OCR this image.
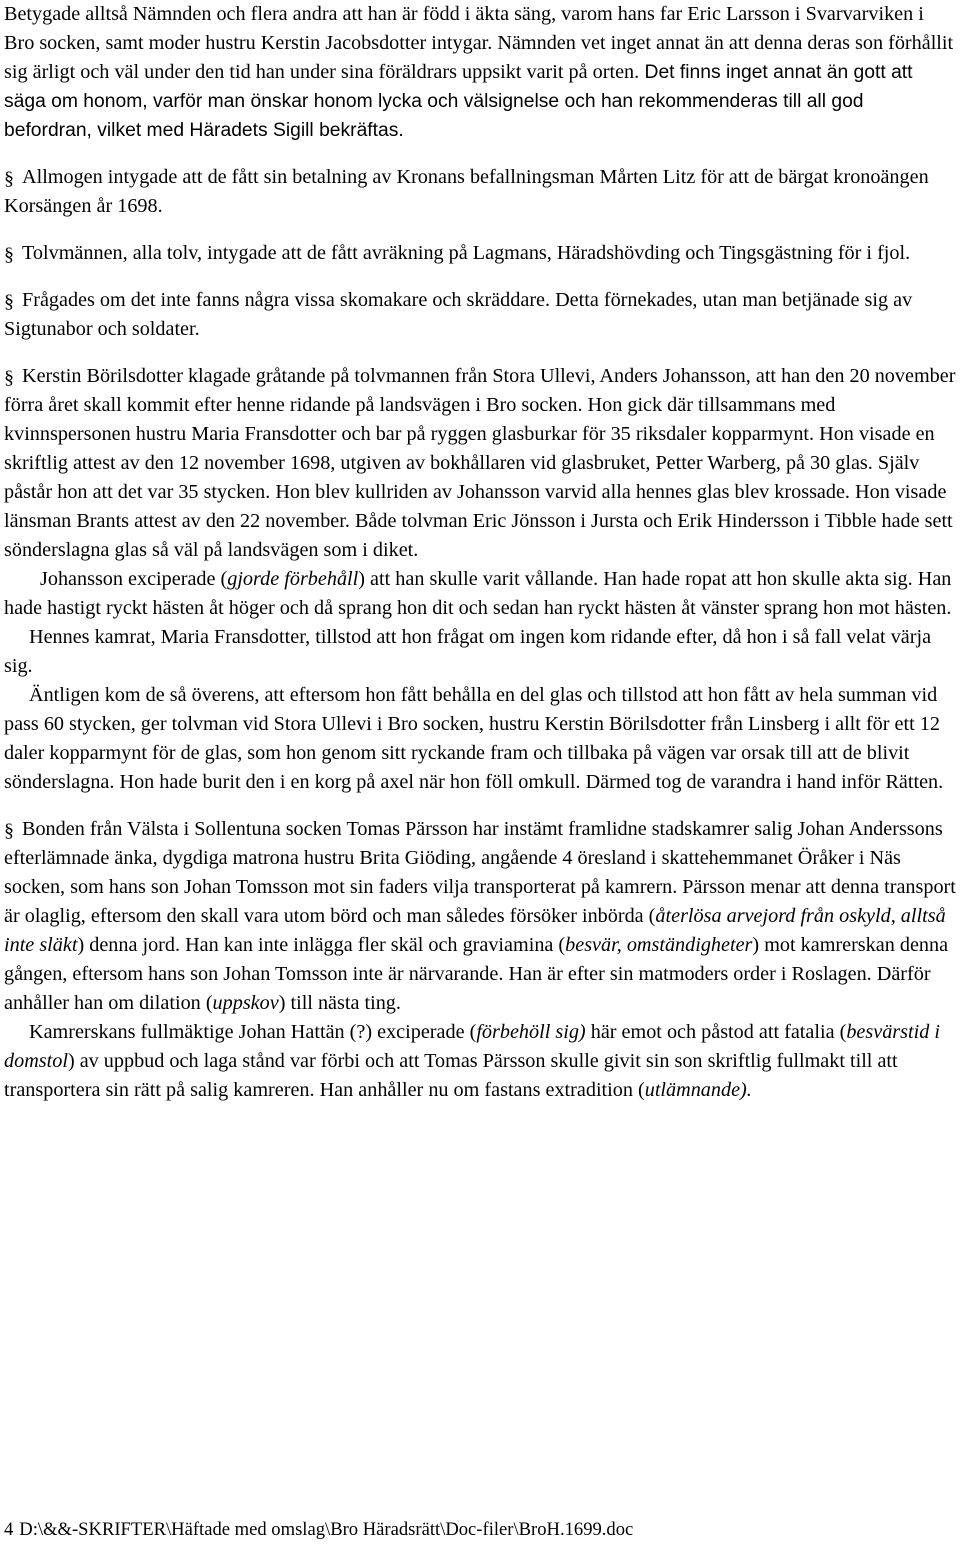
Betygade alltså Nämnden och flera andra att han är född i äkta säng, varom hans far Eric Larsson i Svarvarviken i Bro socken, samt moder hustru Kerstin Jacobsdotter intygar. Nämnden vet inget annat än att denna deras son förhållit sig ärligt och väl under den tid han under sina föräldrars uppsikt varit på orten. Det finns inget annat än gott att säga om honom, varför man önskar honom lycka och välsignelse och han rekommenderas till all god befordran, vilket med Häradets Sigill bekräftas.

§ Allmogen intygade att de fått sin betalning av Kronans befallningsman Mårten Litz för att de bärgat kronoängen Korsängen år 1698.

§ Tolvmännen, alla tolv, intygade att de fått avräkning på Lagmans, Häradshövding och Tingsgästning för i fjol.

§ Frågades om det inte fanns några vissa skomakare och skräddare. Detta förnekades, utan man betjänade sig av Sigtunabor och soldater.

§ Kerstin Börilsdotter klagade gråtande på tolvmannen från Stora Ullevi, Anders Johansson, att han den 20 november förra året skall kommit efter henne ridande på landsvägen i Bro socken. Hon gick där tillsammans med kvinnspersonen hustru Maria Fransdotter och bar på ryggen glasburkar för 35 riksdaler kopparmynt. Hon visade en skriftlig attest av den 12 november 1698, utgiven av bokhållaren vid glasbruket, Petter Warberg, på 30 glas. Själv påstår hon att det var 35 stycken. Hon blev kullriden av Johansson varvid alla hennes glas blev krossade. Hon visade länsman Brants attest av den 22 november. Både tolvman Eric Jönsson i Jursta och Erik Hindersson i Tibble hade sett sönderslagna glas så väl på landsvägen som i diket.

Johansson exciperade (gjorde förbehåll) att han skulle varit vållande. Han hade ropat att hon skulle akta sig. Han hade hastigt ryckt hästen åt höger och då sprang hon dit och sedan han ryckt hästen åt vänster sprang hon mot hästen.

Hennes kamrat, Maria Fransdotter, tillstod att hon frågat om ingen kom ridande efter, då hon i så fall velat värja sig.

Äntligen kom de så överens, att eftersom hon fått behålla en del glas och tillstod att hon fått av hela summan vid pass 60 stycken, ger tolvman vid Stora Ullevi i Bro socken, hustru Kerstin Börilsdotter från Linsberg i allt för ett 12 daler kopparmynt för de glas, som hon genom sitt ryckande fram och tillbaka på vägen var orsak till att de blivit sönderslagna. Hon hade burit den i en korg på axel när hon föll omkull. Därmed tog de varandra i hand inför Rätten.

§ Bonden från Välsta i Sollentuna socken Tomas Pärsson har instämt framlidne stadskamrer salig Johan Anderssons efterlämnade änka, dygdiga matrona hustru Brita Giöding, angående 4 öresland i skattehemmanet Öråker i Näs socken, som hans son Johan Tomsson mot sin faders vilja transporterat på kamrern. Pärsson menar att denna transport är olaglig, eftersom den skall vara utom börd och man således försöker inbörda (återlösa arvejord från oskyld, alltså inte släkt) denna jord. Han kan inte inlägga fler skäl och graviamina (besvär, omständigheter) mot kamrerskan denna gången, eftersom hans son Johan Tomsson inte är närvarande. Han är efter sin matmoders order i Roslagen. Därför anhåller han om dilation (uppskov) till nästa ting.

Kamrerskans fullmäktige Johan Hattän (?) exciperade (förbehöll sig) här emot och påstod att fatalia (besvärstid i domstol) av uppbud och laga stånd var förbi och att Tomas Pärsson skulle givit sin son skriftlig fullmakt till att transportera sin rätt på salig kamreren. Han anhåller nu om fastans extradition (utlämnande).

4 D:\&&-SKRIFTER\Häftade med omslag\Bro Häradsrätt\Doc-filer\BroH.1699.doc
